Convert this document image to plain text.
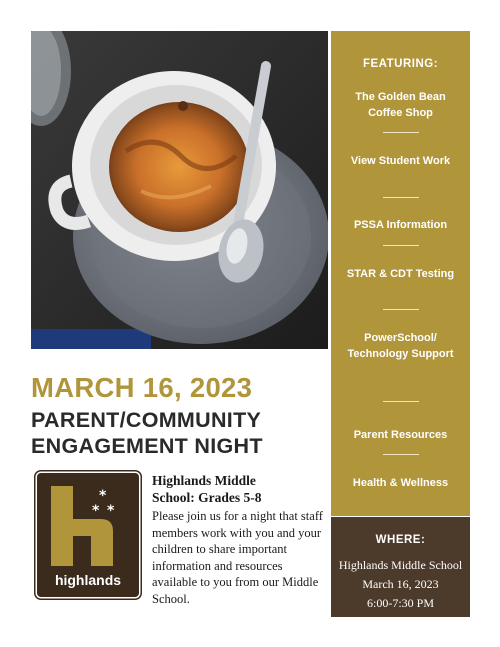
FEATURING:
The Golden Bean Coffee Shop
View Student Work
PSSA Information
STAR & CDT Testing
PowerSchool/ Technology Support
Parent Resources
Health & Wellness
WHERE:
Highlands Middle School
March 16, 2023
6:00-7:30 PM
MARCH 16, 2023
PARENT/COMMUNITY
ENGAGEMENT NIGHT
*
* *
highlands
Highlands Middle
School: Grades 5-8
Please join us for a night that staff members work with you and your children to share important information and resources available to you from our Middle School.
